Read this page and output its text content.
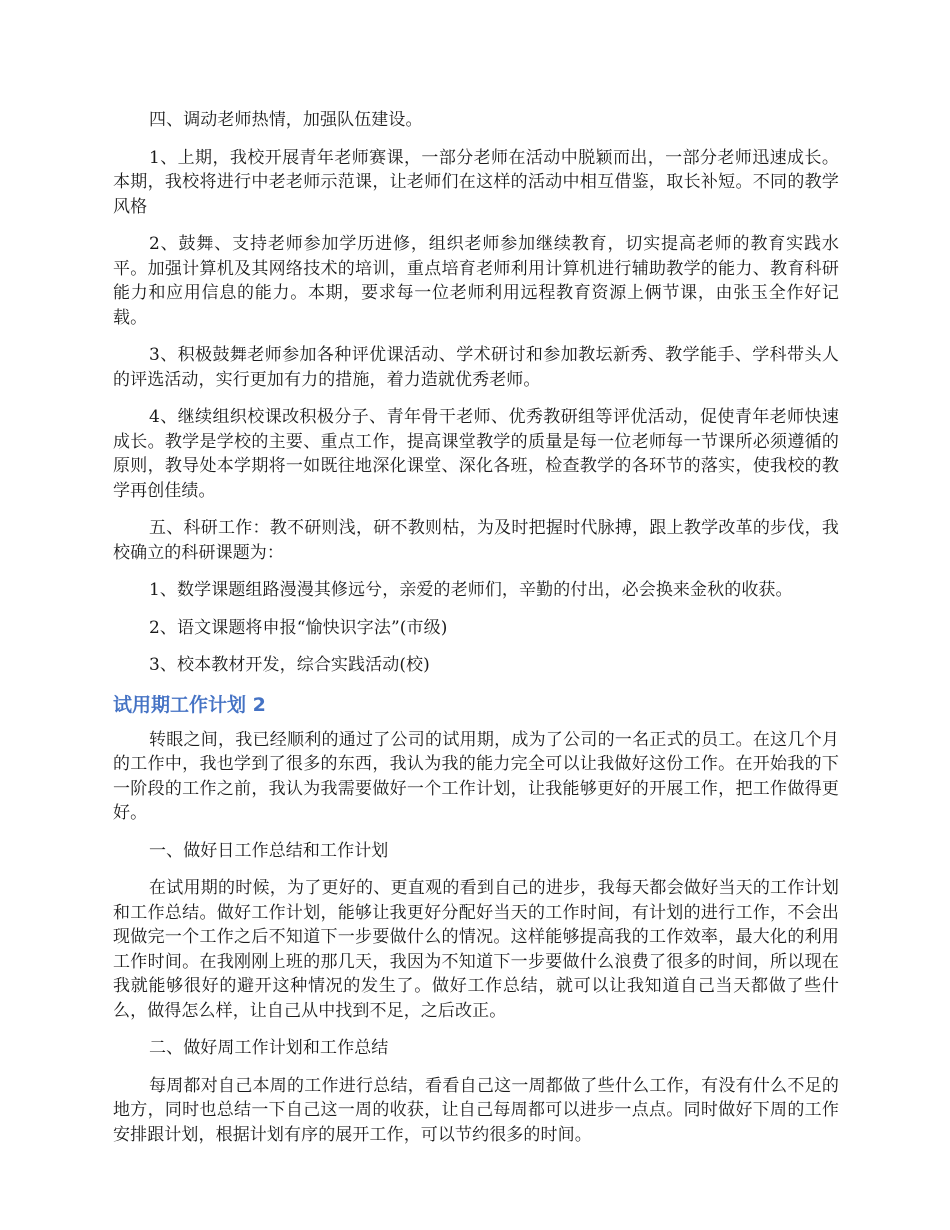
四、调动老师热情，加强队伍建设。

1、上期，我校开展青年老师赛课，一部分老师在活动中脱颖而出，一部分老师迅速成长。本期，我校将进行中老老师示范课，让老师们在这样的活动中相互借鉴，取长补短。不同的教学风格

2、鼓舞、支持老师参加学历进修，组织老师参加继续教育，切实提高老师的教育实践水平。加强计算机及其网络技术的培训，重点培育老师利用计算机进行辅助教学的能力、教育科研能力和应用信息的能力。本期，要求每一位老师利用远程教育资源上俩节课，由张玉全作好记载。

3、积极鼓舞老师参加各种评优课活动、学术研讨和参加教坛新秀、教学能手、学科带头人的评选活动，实行更加有力的措施，着力造就优秀老师。

4、继续组织校课改积极分子、青年骨干老师、优秀教研组等评优活动，促使青年老师快速成长。教学是学校的主要、重点工作，提高课堂教学的质量是每一位老师每一节课所必须遵循的原则，教导处本学期将一如既往地深化课堂、深化各班，检查教学的各环节的落实，使我校的教学再创佳绩。

五、科研工作：教不研则浅，研不教则枯，为及时把握时代脉搏，跟上教学改革的步伐，我校确立的科研课题为：

1、数学课题组路漫漫其修远兮，亲爱的老师们，辛勤的付出，必会换来金秋的收获。

2、语文课题将申报“愉快识字法”(市级)

3、校本教材开发，综合实践活动(校)

试用期工作计划 2

转眼之间，我已经顺利的通过了公司的试用期，成为了公司的一名正式的员工。在这几个月的工作中，我也学到了很多的东西，我认为我的能力完全可以让我做好这份工作。在开始我的下一阶段的工作之前，我认为我需要做好一个工作计划，让我能够更好的开展工作，把工作做得更好。

一、做好日工作总结和工作计划

在试用期的时候，为了更好的、更直观的看到自己的进步，我每天都会做好当天的工作计划和工作总结。做好工作计划，能够让我更好分配好当天的工作时间，有计划的进行工作，不会出现做完一个工作之后不知道下一步要做什么的情况。这样能够提高我的工作效率，最大化的利用工作时间。在我刚刚上班的那几天，我因为不知道下一步要做什么浪费了很多的时间，所以现在我就能够很好的避开这种情况的发生了。做好工作总结，就可以让我知道自己当天都做了些什么，做得怎么样，让自己从中找到不足，之后改正。

二、做好周工作计划和工作总结

每周都对自己本周的工作进行总结，看看自己这一周都做了些什么工作，有没有什么不足的地方，同时也总结一下自己这一周的收获，让自己每周都可以进步一点点。同时做好下周的工作安排跟计划，根据计划有序的展开工作，可以节约很多的时间。
